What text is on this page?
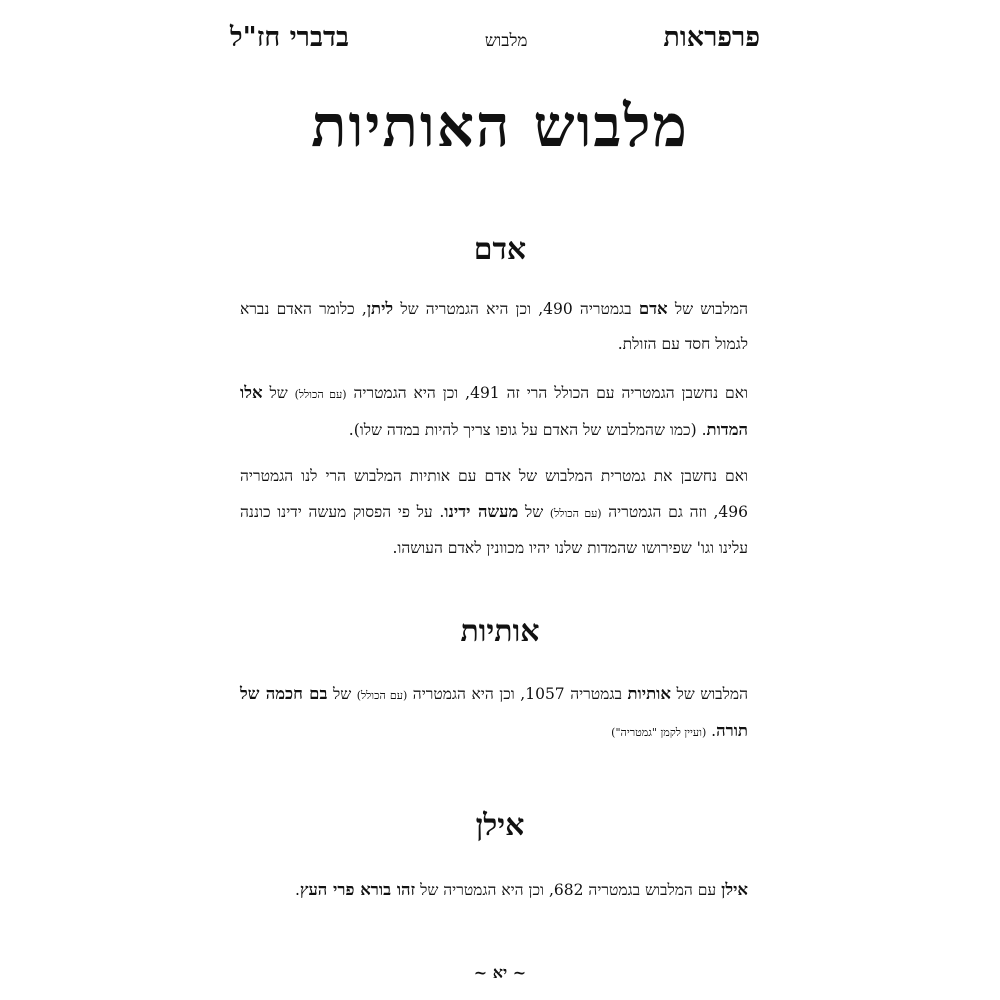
פרפראות
מלבוש
בדברי חז"ל
מלבוש האותיות
אדם

המלבוש של אדם בגמטריה 490, וכן היא הגמטריה של ליתן, כלומר האדם נברא לגמול חסד עם הזולת.

ואם נחשבן הגמטריה עם הכולל הרי זה 491, וכן היא הגמטריה (עם הכולל) של אלו המדות. (כמו שהמלבוש של האדם על גופו צריך להיות במדה שלו).

ואם נחשבן את גמטרית המלבוש של אדם עם אותיות המלבוש הרי לנו הגמטריה 496, וזה גם הגמטריה (עם הכולל) של מעשה ידינו. על פי הפסוק מעשה ידינו כוננה עלינו וגו' שפירושו שהמדות שלנו יהיו מכוונין לאדם העושהו.

אותיות

המלבוש של אותיות בגמטריה 1057, וכן היא הגמטריה (עם הכולל) של בם חכמה של תורה. (ועיין לקמן "גמטריה")

אילן

אילן עם המלבוש בגמטריה 682, וכן היא הגמטריה של זהו בורא פרי העץ.

~ יא ~
